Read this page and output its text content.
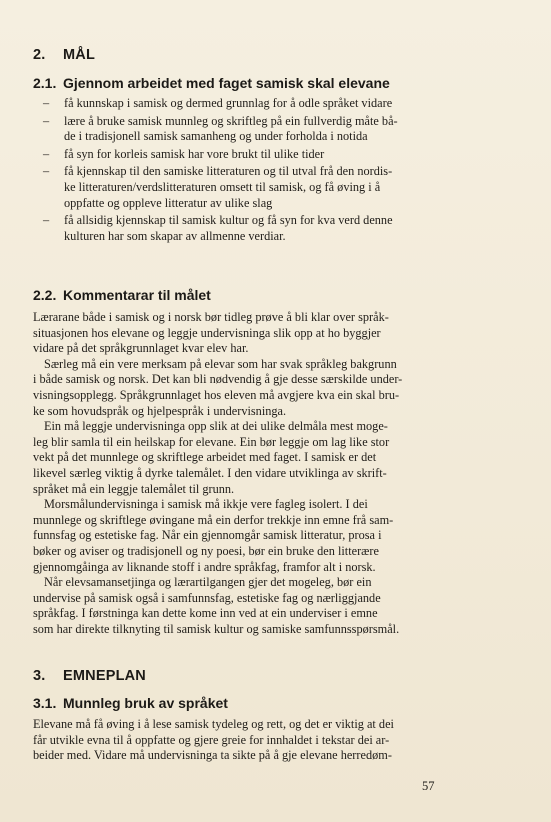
2. MÅL
2.1. Gjennom arbeidet med faget samisk skal elevane
– få kunnskap i samisk og dermed grunnlag for å odle språket vidare
– lære å bruke samisk munnleg og skriftleg på ein fullverdig måte bå-
de i tradisjonell samisk samanheng og under forholda i notida
– få syn for korleis samisk har vore brukt til ulike tider
– få kjennskap til den samiske litteraturen og til utval frå den nordis-
ke litteraturen/verdslitteraturen omsett til samisk, og få øving i å
oppfatte og oppleve litteratur av ulike slag
– få allsidig kjennskap til samisk kultur og få syn for kva verd denne
kulturen har som skapar av allmenne verdiar.
2.2. Kommentarar til målet
Lærarane både i samisk og i norsk bør tidleg prøve å bli klar over språk-
situasjonen hos elevane og leggje undervisninga slik opp at ho byggjer
vidare på det språkgrunnlaget kvar elev har.
Særleg må ein vere merksam på elevar som har svak språkleg bakgrunn
i både samisk og norsk. Det kan bli nødvendig å gje desse særskilde under-
visningsopplegg. Språkgrunnlaget hos eleven må avgjere kva ein skal bru-
ke som hovudspråk og hjelpespråk i undervisninga.
Ein må leggje undervisninga opp slik at dei ulike delmåla mest moge-
leg blir samla til ein heilskap for elevane. Ein bør leggje om lag like stor
vekt på det munnlege og skriftlege arbeidet med faget. I samisk er det
likevel særleg viktig å dyrke talemålet. I den vidare utviklinga av skrift-
språket må ein leggje talemålet til grunn.
Morsmålundervisninga i samisk må ikkje vere fagleg isolert. I dei
munnlege og skriftlege øvingane må ein derfor trekkje inn emne frå sam-
funnsfag og estetiske fag. Når ein gjennomgår samisk litteratur, prosa i
bøker og aviser og tradisjonell og ny poesi, bør ein bruke den litterære
gjennomgåinga av liknande stoff i andre språkfag, framfor alt i norsk.
Når elevsamansetjinga og lærartilgangen gjer det mogeleg, bør ein
undervise på samisk også i samfunnsfag, estetiske fag og nærliggjande
språkfag. I førstninga kan dette kome inn ved at ein underviser i emne
som har direkte tilknyting til samisk kultur og samiske samfunnsspørsmål.
3. EMNEPLAN
3.1. Munnleg bruk av språket
Elevane må få øving i å lese samisk tydeleg og rett, og det er viktig at dei
får utvikle evna til å oppfatte og gjere greie for innhaldet i tekstar dei ar-
beider med. Vidare må undervisninga ta sikte på å gje elevane herredøm-
57
